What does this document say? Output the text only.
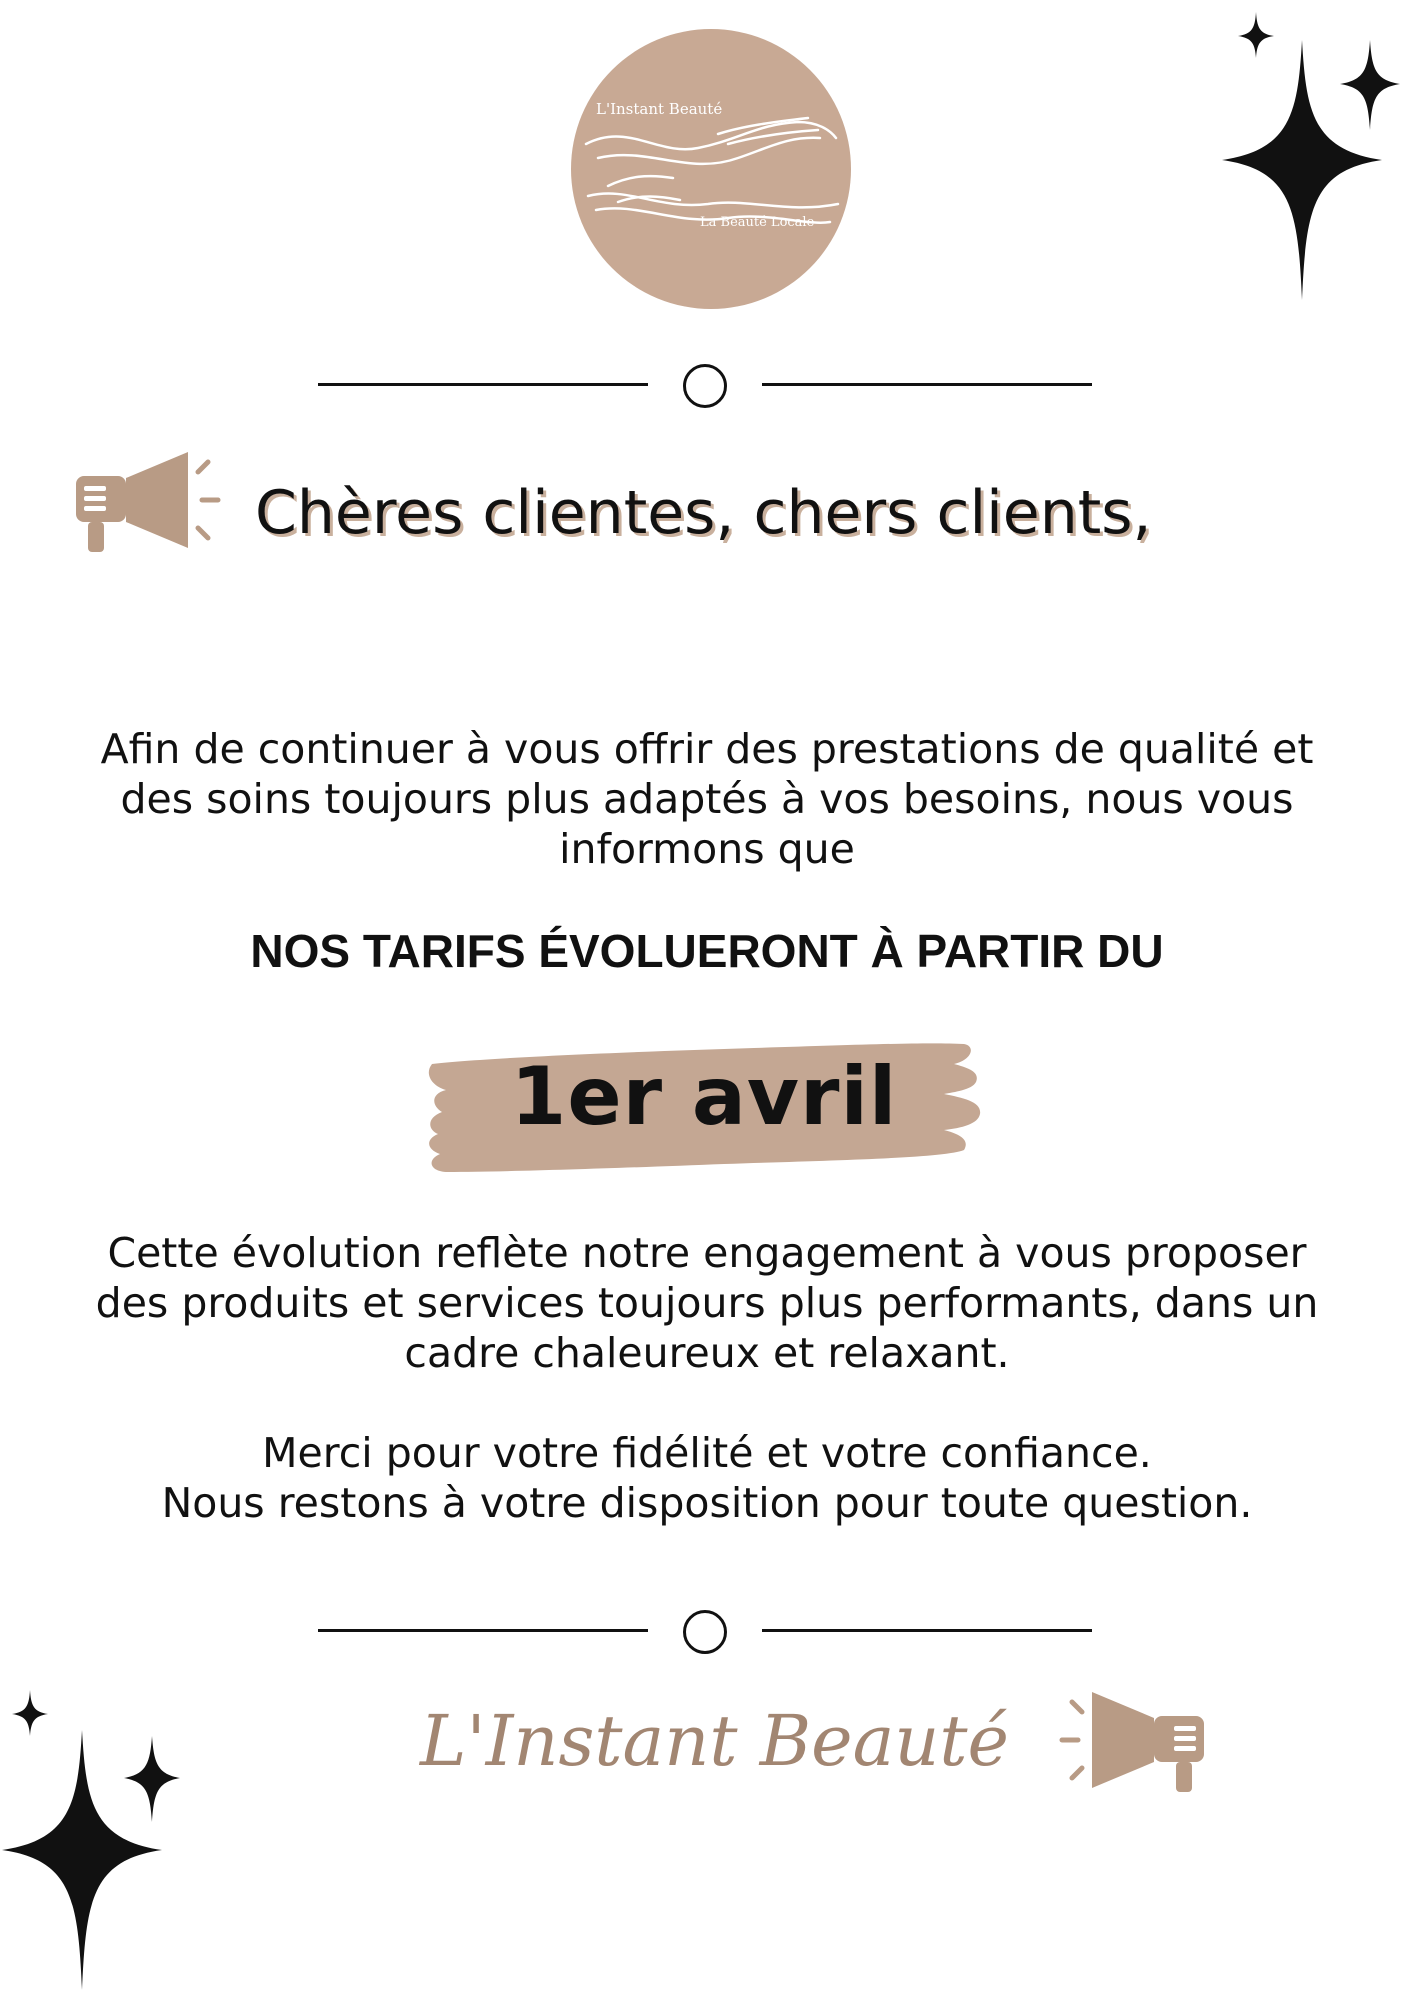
L'Instant Beauté
La Beauté Locale
Chères clientes, chers clients,

Afin de continuer à vous offrir des prestations de qualité et
des soins toujours plus adaptés à vos besoins, nous vous
informons que

NOS TARIFS ÉVOLUERONT À PARTIR DU

1er avril

Cette évolution reflète notre engagement à vous proposer
des produits et services toujours plus performants, dans un
cadre chaleureux et relaxant.

Merci pour votre fidélité et votre confiance.
Nous restons à votre disposition pour toute question.

L'Instant Beauté
